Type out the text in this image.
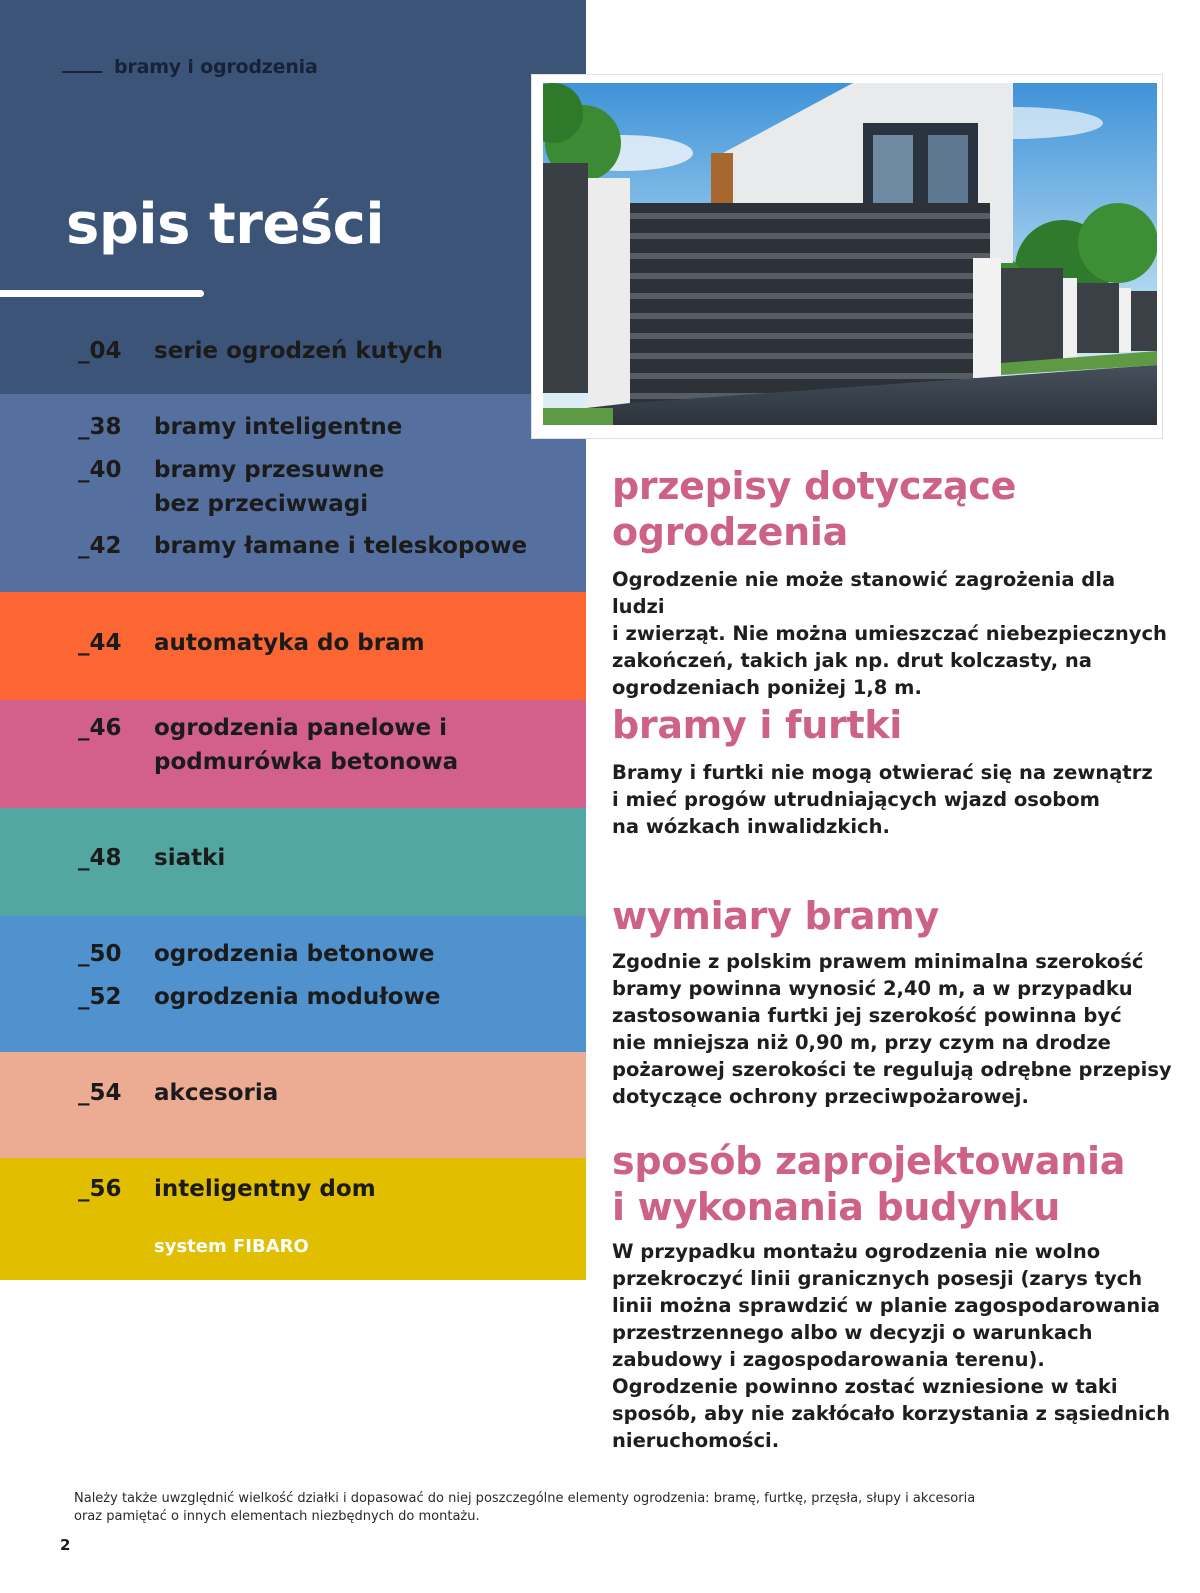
bramy i ogrodzenia
spis treści
_04	serie ogrodzeń kutych
_38	bramy inteligentne
_40	bramy przesuwne bez przeciwwagi
_42	bramy łamane i teleskopowe
_44	automatyka do bram
_46	ogrodzenia panelowe i podmurówka betonowa
_48	siatki
_50	ogrodzenia betonowe
_52	ogrodzenia modułowe
_54	akcesoria
_56	inteligentny dom
system FIBARO
przepisy dotyczące
ogrodzenia
Ogrodzenie nie może stanowić zagrożenia dla ludzi
i zwierząt. Nie można umieszczać niebezpiecznych
zakończeń, takich jak np. drut kolczasty, na
ogrodzeniach poniżej 1,8 m.
bramy i furtki
Bramy i furtki nie mogą otwierać się na zewnątrz
i mieć progów utrudniających wjazd osobom
na wózkach inwalidzkich.
wymiary bramy
Zgodnie z polskim prawem minimalna szerokość
bramy powinna wynosić 2,40 m, a w przypadku
zastosowania furtki jej szerokość powinna być
nie mniejsza niż 0,90 m, przy czym na drodze
pożarowej szerokości te regulują odrębne przepisy
dotyczące ochrony przeciwpożarowej.
sposób zaprojektowania
i wykonania budynku
W przypadku montażu ogrodzenia nie wolno
przekroczyć linii granicznych posesji (zarys tych
linii można sprawdzić w planie zagospodarowania
przestrzennego albo w decyzji o warunkach
zabudowy i zagospodarowania terenu).
Ogrodzenie powinno zostać wzniesione w taki
sposób, aby nie zakłócało korzystania z sąsiednich
nieruchomości.
Należy także uwzględnić wielkość działki i dopasować do niej poszczególne elementy ogrodzenia: bramę, furtkę, przęsła, słupy i akcesoria
oraz pamiętać o innych elementach niezbędnych do montażu.
2
